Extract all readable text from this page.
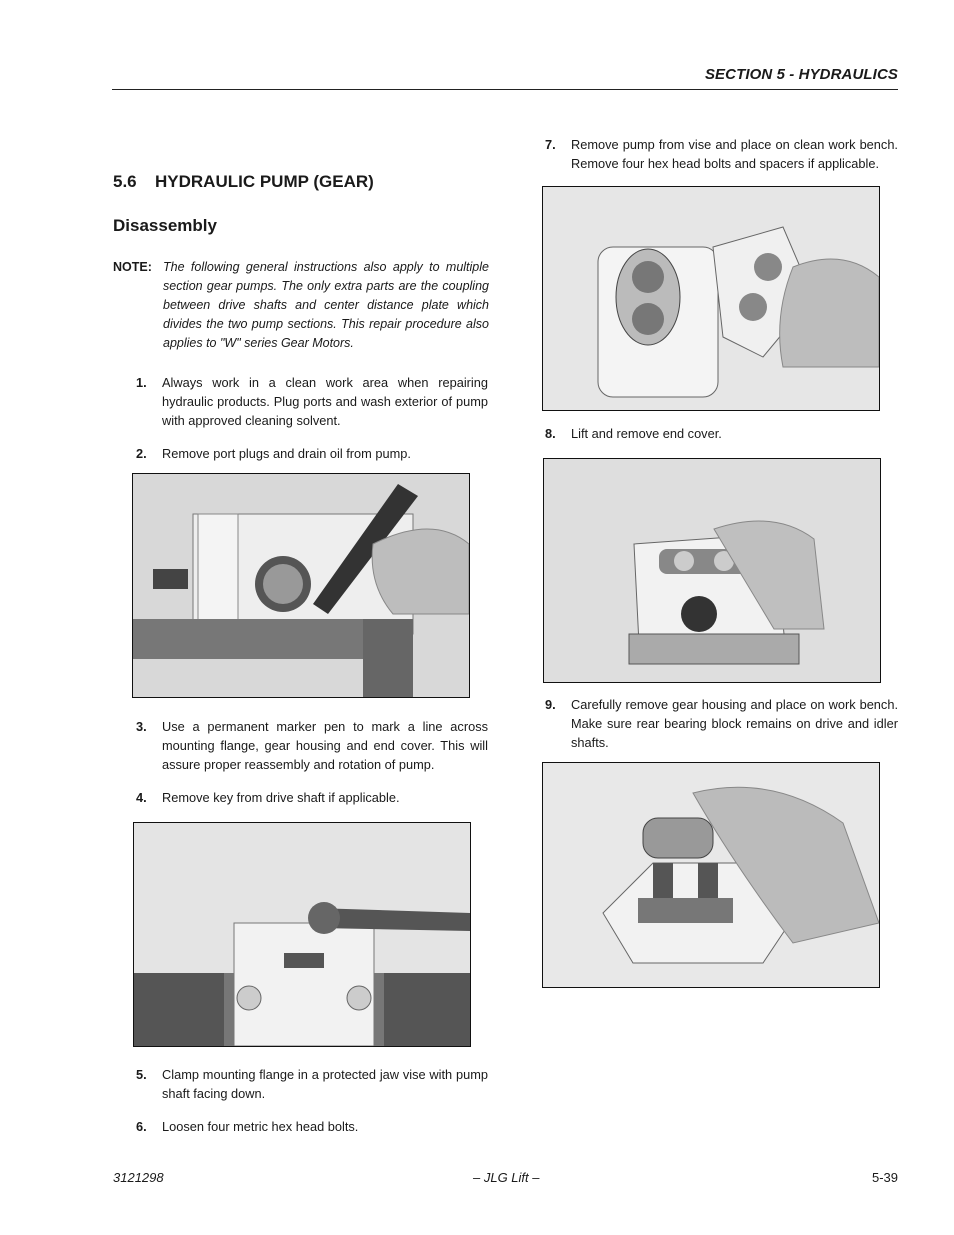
SECTION 5 - HYDRAULICS
5.6 HYDRAULIC PUMP (GEAR)
Disassembly
NOTE: The following general instructions also apply to multiple section gear pumps. The only extra parts are the coupling between drive shafts and center distance plate which divides the two pump sections. This repair procedure also applies to "W" series Gear Motors.
1. Always work in a clean work area when repairing hydraulic products. Plug ports and wash exterior of pump with approved cleaning solvent.
2. Remove port plugs and drain oil from pump.
3. Use a permanent marker pen to mark a line across mounting flange, gear housing and end cover. This will assure proper reassembly and rotation of pump.
4. Remove key from drive shaft if applicable.
5. Clamp mounting flange in a protected jaw vise with pump shaft facing down.
6. Loosen four metric hex head bolts.
7. Remove pump from vise and place on clean work bench. Remove four hex head bolts and spacers if applicable.
8. Lift and remove end cover.
9. Carefully remove gear housing and place on work bench. Make sure rear bearing block remains on drive and idler shafts.
3121298	– JLG Lift –	5-39
